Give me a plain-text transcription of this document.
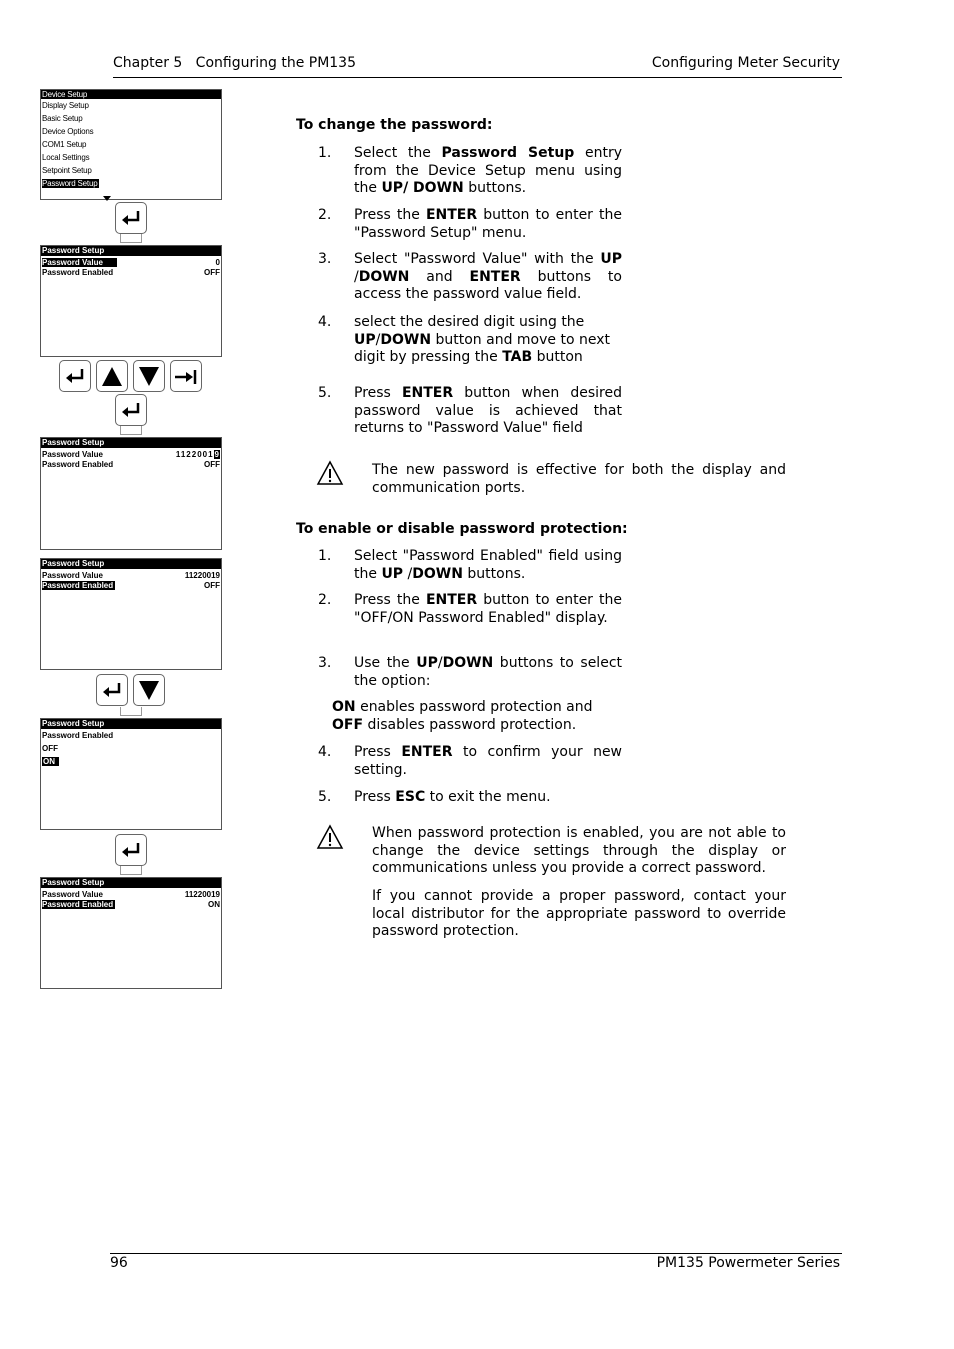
Chapter 5   Configuring the PM135	Configuring Meter Security
Device Setup
Display Setup
Basic Setup
Device Options
COM1 Setup
Local Settings
Setpoint Setup
Password Setup
Password Setup
Password Value	0
Password Enabled	OFF
Password Setup
Password Value	11220019
Password Enabled	OFF
Password Setup
Password Value	11220019
Password Enabled	OFF
Password Setup
Password Enabled
OFF
ON
Password Setup
Password Value	11220019
Password Enabled	ON
To change the password:
1. Select the Password Setup entry from the Device Setup menu using the UP/ DOWN buttons.
2. Press the ENTER button to enter the "Password Setup" menu.
3. Select "Password Value" with the UP /DOWN and ENTER buttons to access the password value field.
4. select the desired digit using the UP/DOWN button and move to next digit by pressing the TAB button
5. Press ENTER button when desired password value is achieved that returns to "Password Value" field
The new password is effective for both the display and communication ports.
To enable or disable password protection:
1. Select "Password Enabled" field using the UP /DOWN buttons.
2. Press the ENTER button to enter the "OFF/ON Password Enabled" display.
3. Use the UP/DOWN buttons to select the option:
ON enables password protection and
OFF disables password protection.
4. Press ENTER to confirm your new setting.
5. Press ESC to exit the menu.
When password protection is enabled, you are not able to change the device settings through the display or communications unless you provide a correct password.
If you cannot provide a proper password, contact your local distributor for the appropriate password to override password protection.
96	PM135 Powermeter Series
